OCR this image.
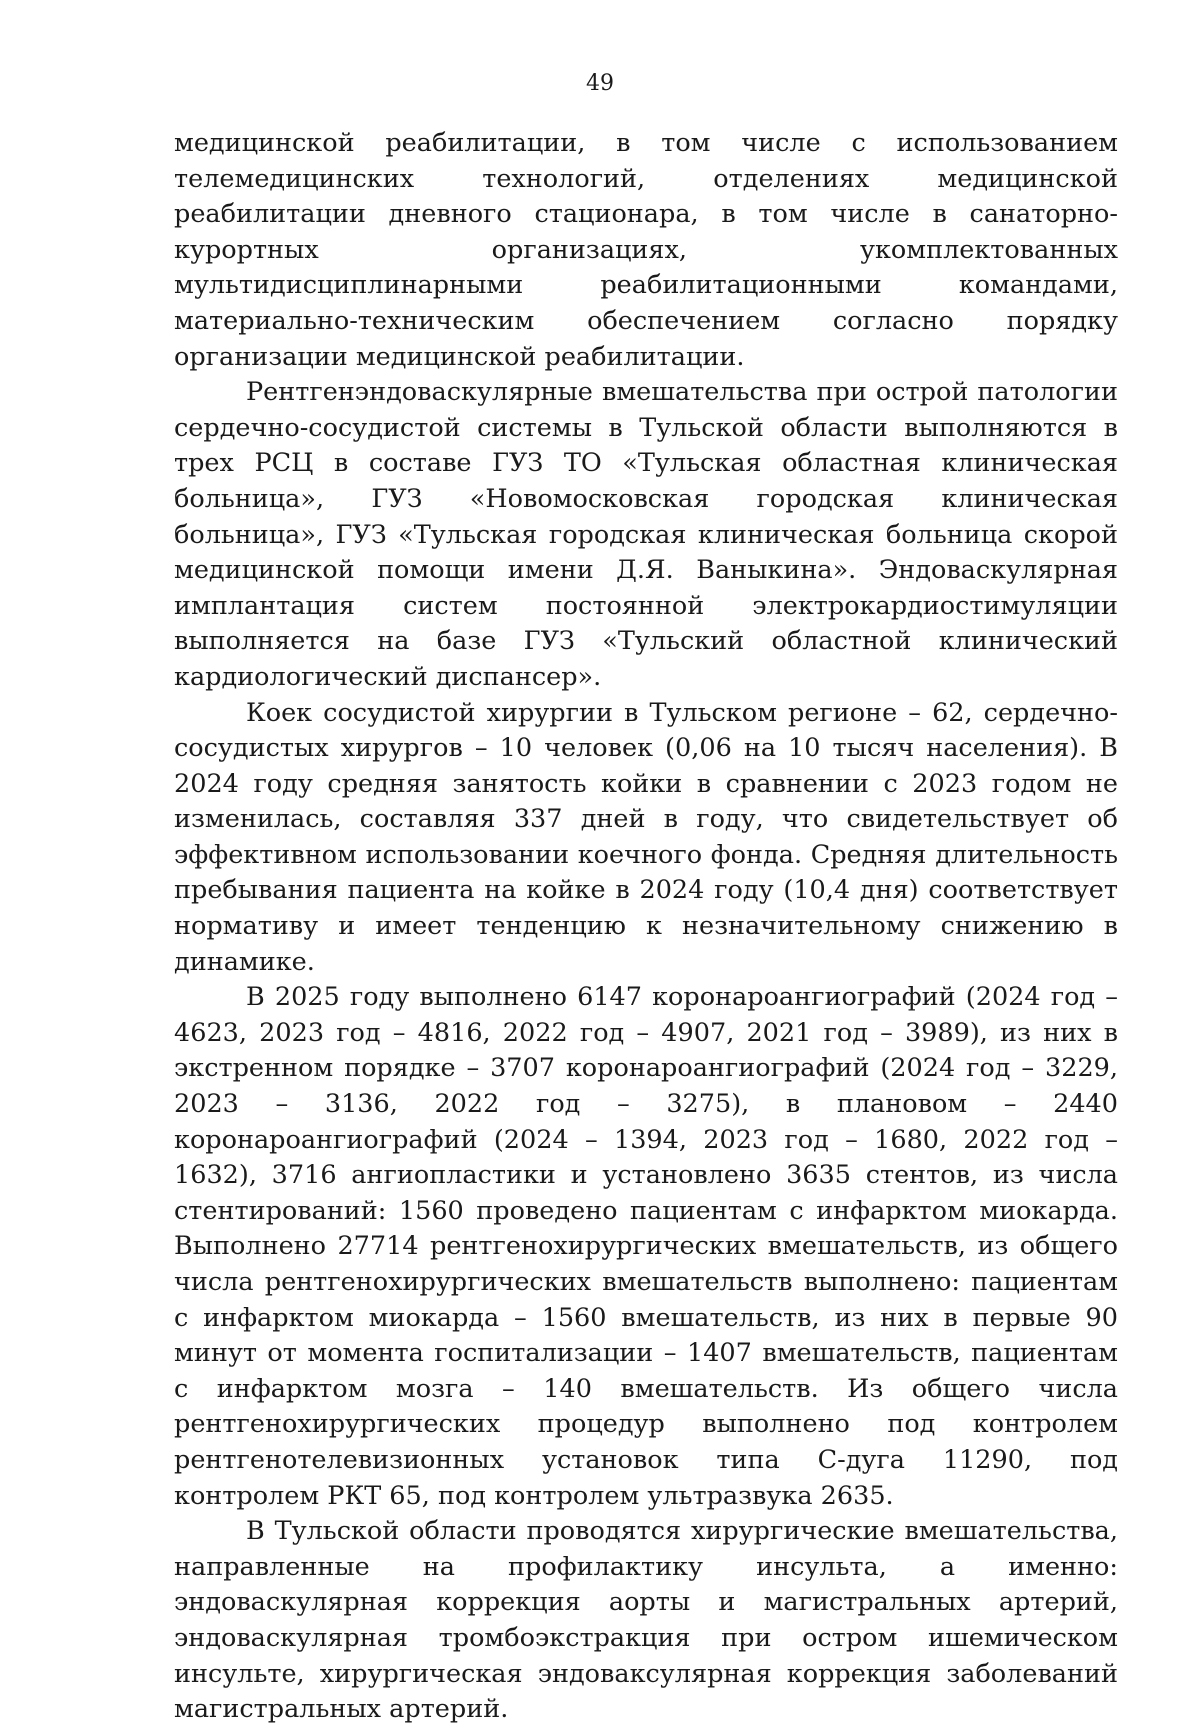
49

медицинской реабилитации, в том числе с использованием телемедицинских технологий, отделениях медицинской реабилитации дневного стационара, в том числе в санаторно-курортных организациях, укомплектованных мультидисциплинарными реабилитационными командами, материально-техническим обеспечением согласно порядку организации медицинской реабилитации.

Рентгенэндоваскулярные вмешательства при острой патологии сердечно-сосудистой системы в Тульской области выполняются в трех РСЦ в составе ГУЗ ТО «Тульская областная клиническая больница», ГУЗ «Новомосковская городская клиническая больница», ГУЗ «Тульская городская клиническая больница скорой медицинской помощи имени Д.Я. Ваныкина». Эндоваскулярная имплантация систем постоянной электрокардиостимуляции выполняется на базе ГУЗ «Тульский областной клинический кардиологический диспансер».

Коек сосудистой хирургии в Тульском регионе – 62, сердечно-сосудистых хирургов – 10 человек (0,06 на 10 тысяч населения). В 2024 году средняя занятость койки в сравнении с 2023 годом не изменилась, составляя 337 дней в году, что свидетельствует об эффективном использовании коечного фонда. Средняя длительность пребывания пациента на койке в 2024 году (10,4 дня) соответствует нормативу и имеет тенденцию к незначительному снижению в динамике.

В 2025 году выполнено 6147 коронароангиографий (2024 год – 4623, 2023 год – 4816, 2022 год – 4907, 2021 год – 3989), из них в экстренном порядке – 3707 коронароангиографий (2024 год – 3229, 2023 – 3136, 2022 год – 3275), в плановом – 2440 коронароангиографий (2024 – 1394, 2023 год – 1680, 2022 год – 1632), 3716 ангиопластики и установлено 3635 стентов, из числа стентирований: 1560 проведено пациентам с инфарктом миокарда. Выполнено 27714 рентгенохирургических вмешательств, из общего числа рентгенохирургических вмешательств выполнено: пациентам с инфарктом миокарда – 1560 вмешательств, из них в первые 90 минут от момента госпитализации – 1407 вмешательств, пациентам с инфарктом мозга – 140 вмешательств. Из общего числа рентгенохирургических процедур выполнено под контролем рентгенотелевизионных установок типа С-дуга 11290, под контролем РКТ 65, под контролем ультразвука 2635.

В Тульской области проводятся хирургические вмешательства, направленные на профилактику инсульта, а именно: эндоваскулярная коррекция аорты и магистральных артерий, эндоваскулярная тромбоэкстракция при остром ишемическом инсульте, хирургическая эндоваксулярная коррекция заболеваний магистральных артерий.
